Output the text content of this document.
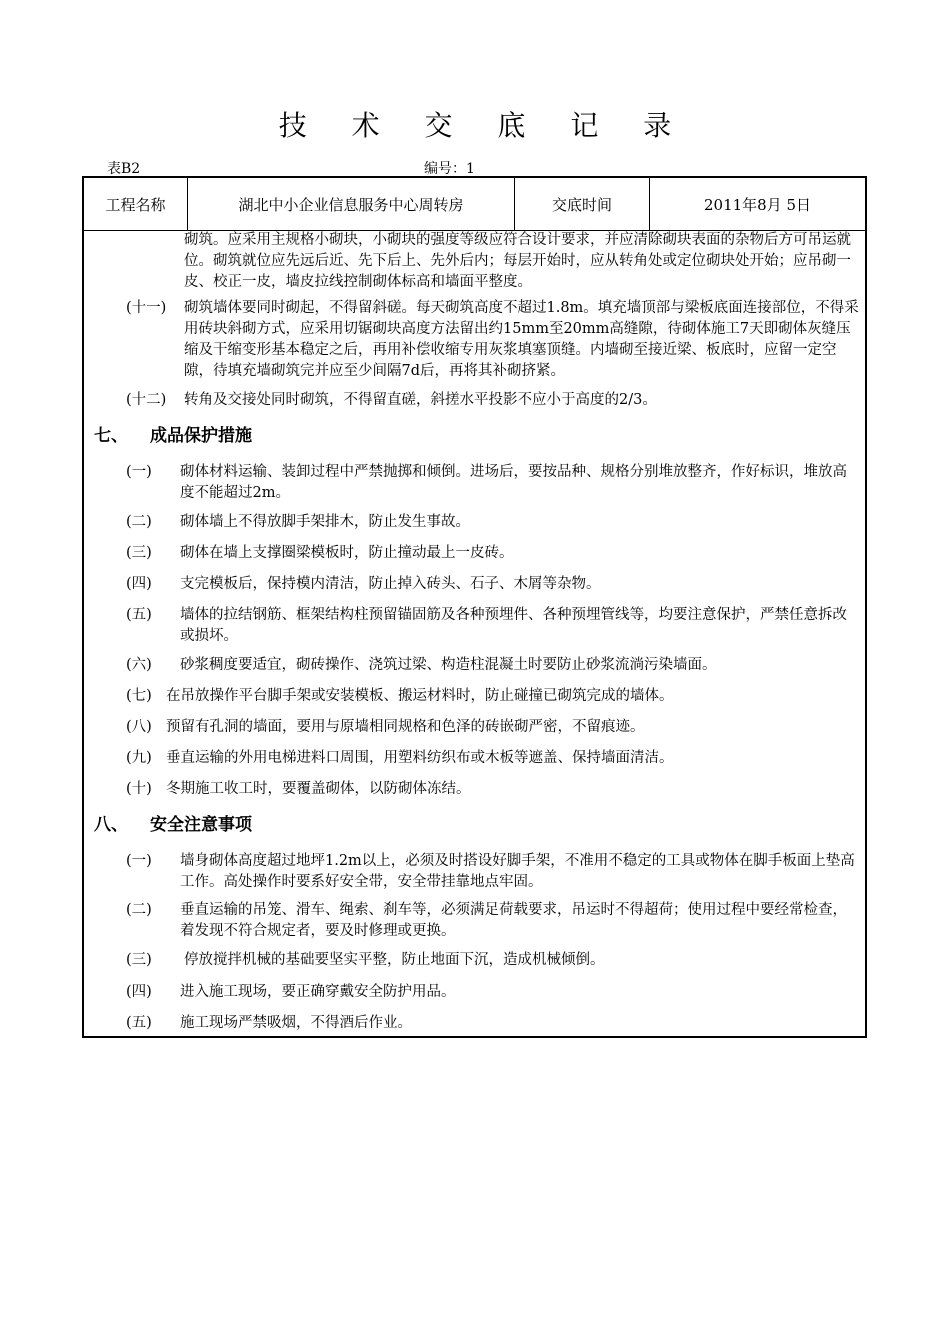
技 术 交 底 记 录
表B2	编号：1
工程名称	湖北中小企业信息服务中心周转房	交底时间	2011年8月 5日
砌筑。应采用主规格小砌块，小砌块的强度等级应符合设计要求，并应清除砌块表面的杂物后方可吊运就位。砌筑就位应先远后近、先下后上、先外后内；每层开始时，应从转角处或定位砌块处开始；应吊砌一皮、校正一皮，墙皮拉线控制砌体标高和墙面平整度。
(十一) 砌筑墙体要同时砌起，不得留斜磋。每天砌筑高度不超过1.8m。填充墙顶部与梁板底面连接部位，不得采用砖块斜砌方式，应采用切锯砌块高度方法留出约15mm至20mm高缝隙，待砌体施工7天即砌体灰缝压缩及干缩变形基本稳定之后，再用补偿收缩专用灰浆填塞顶缝。内墙砌至接近梁、板底时，应留一定空隙，待填充墙砌筑完并应至少间隔7d后，再将其补砌挤紧。
(十二) 转角及交接处同时砌筑，不得留直磋，斜搓水平投影不应小于高度的2/3。
七、 成品保护措施
(一) 砌体材料运输、装卸过程中严禁抛掷和倾倒。进场后，要按品种、规格分别堆放整齐，作好标识，堆放高度不能超过2m。
(二) 砌体墙上不得放脚手架排木，防止发生事故。
(三) 砌体在墙上支撑圈梁模板时，防止撞动最上一皮砖。
(四) 支完模板后，保持模内清洁，防止掉入砖头、石子、木屑等杂物。
(五) 墙体的拉结钢筋、框架结构柱预留锚固筋及各种预埋件、各种预埋管线等，均要注意保护，严禁任意拆改或损坏。
(六) 砂浆稠度要适宜，砌砖操作、浇筑过梁、构造柱混凝土时要防止砂浆流淌污染墙面。
(七) 在吊放操作平台脚手架或安装模板、搬运材料时，防止碰撞已砌筑完成的墙体。
(八) 预留有孔洞的墙面，要用与原墙相同规格和色泽的砖嵌砌严密，不留痕迹。
(九) 垂直运输的外用电梯进料口周围，用塑料纺织布或木板等遮盖、保持墙面清洁。
(十) 冬期施工收工时，要覆盖砌体，以防砌体冻结。
八、 安全注意事项
(一) 墙身砌体高度超过地坪1.2m以上，必须及时搭设好脚手架，不准用不稳定的工具或物体在脚手板面上垫高工作。高处操作时要系好安全带，安全带挂靠地点牢固。
(二) 垂直运输的吊笼、滑车、绳索、刹车等，必须满足荷载要求，吊运时不得超荷；使用过程中要经常检查，着发现不符合规定者，要及时修理或更换。
(三) 停放搅拌机械的基础要坚实平整，防止地面下沉，造成机械倾倒。
(四) 进入施工现场，要正确穿戴安全防护用品。
(五) 施工现场严禁吸烟，不得酒后作业。
